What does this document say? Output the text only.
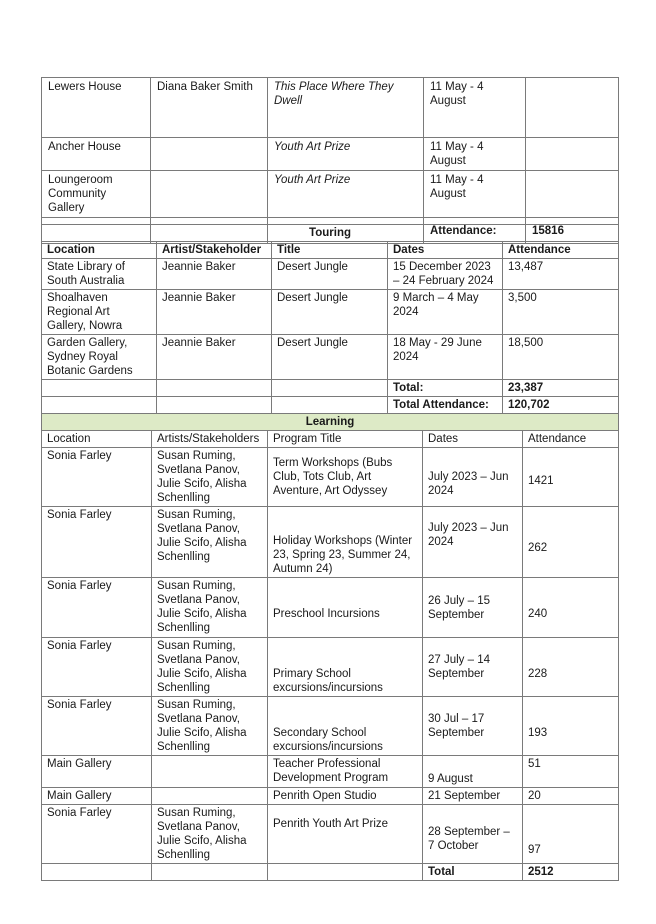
Lewers House	Diana Baker Smith	This Place Where They Dwell	11 May - 4 August	
Ancher House		Youth Art Prize	11 May - 4 August	
Loungeroom Community Gallery		Youth Art Prize	11 May - 4 August	
			Attendance:	15816
Touring				
Location	Artist/Stakeholder	Title	Dates	Attendance
State Library of South Australia	Jeannie Baker	Desert Jungle	15 December 2023 – 24 February 2024	13,487
Shoalhaven Regional Art Gallery, Nowra	Jeannie Baker	Desert Jungle	9 March – 4 May 2024	3,500
Garden Gallery, Sydney Royal Botanic Gardens	Jeannie Baker	Desert Jungle	18 May - 29 June 2024	18,500
			Total:	23,387
			Total Attendance:	120,702
Learning				
Location	Artists/Stakeholders	Program Title	Dates	Attendance
Sonia Farley	Susan Ruming, Svetlana Panov, Julie Scifo, Alisha Schenlling	Term Workshops (Bubs Club, Tots Club, Art Aventure, Art Odyssey	July 2023 – Jun 2024	1421
Sonia Farley	Susan Ruming, Svetlana Panov, Julie Scifo, Alisha Schenlling	Holiday Workshops (Winter 23, Spring 23, Summer 24, Autumn 24)	July 2023 – Jun 2024	262
Sonia Farley	Susan Ruming, Svetlana Panov, Julie Scifo, Alisha Schenlling	Preschool Incursions	26 July – 15 September	240
Sonia Farley	Susan Ruming, Svetlana Panov, Julie Scifo, Alisha Schenlling	Primary School excursions/incursions	27 July – 14 September	228
Sonia Farley	Susan Ruming, Svetlana Panov, Julie Scifo, Alisha Schenlling	Secondary School excursions/incursions	30 Jul – 17 September	193
Main Gallery		Teacher Professional Development Program	9 August	51
Main Gallery		Penrith Open Studio	21 September	20
Sonia Farley	Susan Ruming, Svetlana Panov, Julie Scifo, Alisha Schenlling	Penrith Youth Art Prize	28 September – 7 October	97
			Total	2512
